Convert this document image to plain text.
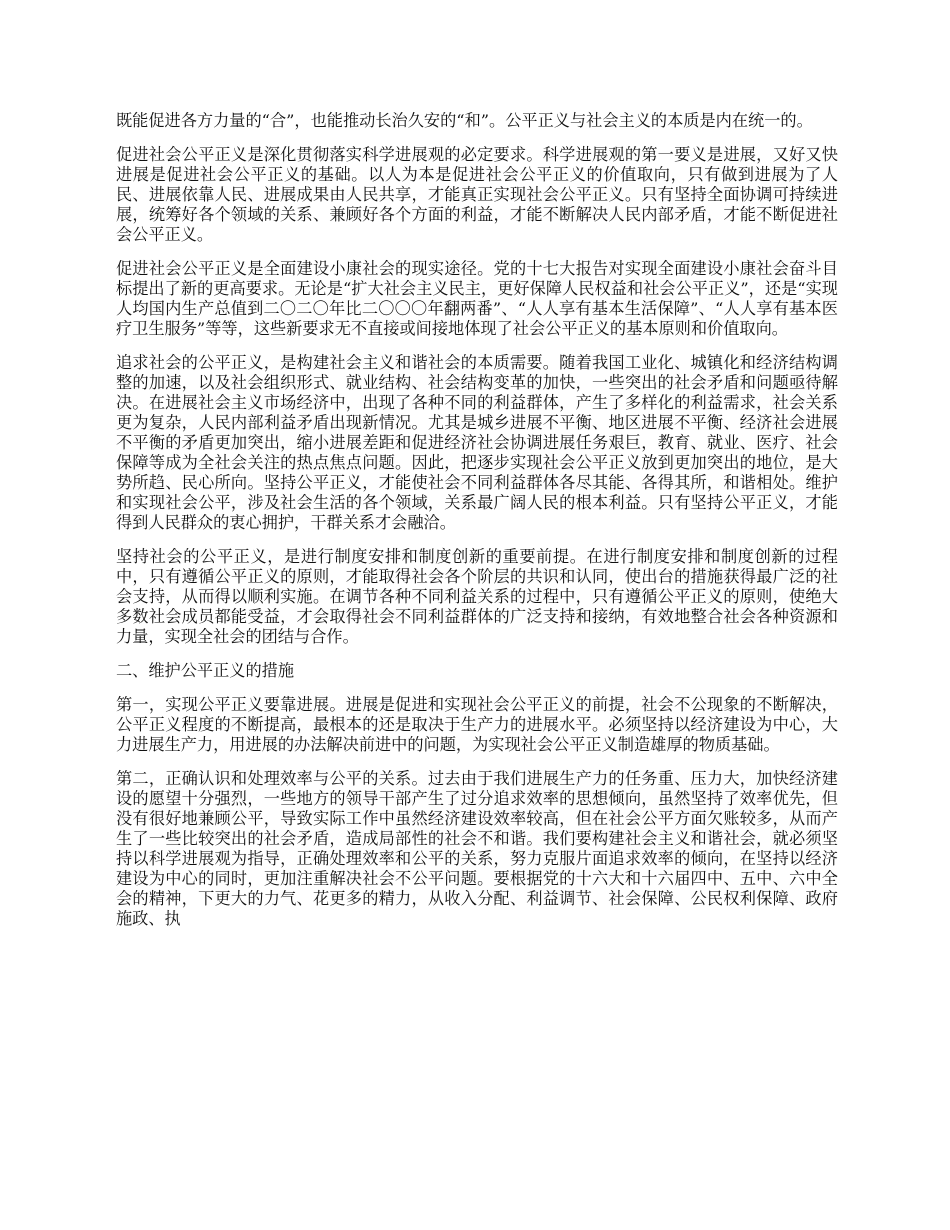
既能促进各方力量的“合”，也能推动长治久安的“和”。公平正义与社会主义的本质是内在统一的。

促进社会公平正义是深化贯彻落实科学进展观的必定要求。科学进展观的第一要义是进展，又好又快进展是促进社会公平正义的基础。以人为本是促进社会公平正义的价值取向，只有做到进展为了人民、进展依靠人民、进展成果由人民共享，才能真正实现社会公平正义。只有坚持全面协调可持续进展，统筹好各个领域的关系、兼顾好各个方面的利益，才能不断解决人民内部矛盾，才能不断促进社会公平正义。

促进社会公平正义是全面建设小康社会的现实途径。党的十七大报告对实现全面建设小康社会奋斗目标提出了新的更高要求。无论是“扩大社会主义民主，更好保障人民权益和社会公平正义”，还是“实现人均国内生产总值到二〇二〇年比二〇〇〇年翻两番”、“人人享有基本生活保障”、“人人享有基本医疗卫生服务”等等，这些新要求无不直接或间接地体现了社会公平正义的基本原则和价值取向。

追求社会的公平正义，是构建社会主义和谐社会的本质需要。随着我国工业化、城镇化和经济结构调整的加速，以及社会组织形式、就业结构、社会结构变革的加快，一些突出的社会矛盾和问题亟待解决。在进展社会主义市场经济中，出现了各种不同的利益群体，产生了多样化的利益需求，社会关系更为复杂，人民内部利益矛盾出现新情况。尤其是城乡进展不平衡、地区进展不平衡、经济社会进展不平衡的矛盾更加突出，缩小进展差距和促进经济社会协调进展任务艰巨，教育、就业、医疗、社会保障等成为全社会关注的热点焦点问题。因此，把逐步实现社会公平正义放到更加突出的地位，是大势所趋、民心所向。坚持公平正义，才能使社会不同利益群体各尽其能、各得其所，和谐相处。维护和实现社会公平，涉及社会生活的各个领域，关系最广阔人民的根本利益。只有坚持公平正义，才能得到人民群众的衷心拥护，干群关系才会融洽。

坚持社会的公平正义，是进行制度安排和制度创新的重要前提。在进行制度安排和制度创新的过程中，只有遵循公平正义的原则，才能取得社会各个阶层的共识和认同，使出台的措施获得最广泛的社会支持，从而得以顺利实施。在调节各种不同利益关系的过程中，只有遵循公平正义的原则，使绝大多数社会成员都能受益，才会取得社会不同利益群体的广泛支持和接纳，有效地整合社会各种资源和力量，实现全社会的团结与合作。

二、维护公平正义的措施

第一，实现公平正义要靠进展。进展是促进和实现社会公平正义的前提，社会不公现象的不断解决，公平正义程度的不断提高，最根本的还是取决于生产力的进展水平。必须坚持以经济建设为中心，大力进展生产力，用进展的办法解决前进中的问题，为实现社会公平正义制造雄厚的物质基础。

第二，正确认识和处理效率与公平的关系。过去由于我们进展生产力的任务重、压力大，加快经济建设的愿望十分强烈，一些地方的领导干部产生了过分追求效率的思想倾向，虽然坚持了效率优先，但没有很好地兼顾公平，导致实际工作中虽然经济建设效率较高，但在社会公平方面欠账较多，从而产生了一些比较突出的社会矛盾，造成局部性的社会不和谐。我们要构建社会主义和谐社会，就必须坚持以科学进展观为指导，正确处理效率和公平的关系，努力克服片面追求效率的倾向，在坚持以经济建设为中心的同时，更加注重解决社会不公平问题。要根据党的十六大和十六届四中、五中、六中全会的精神，下更大的力气、花更多的精力，从收入分配、利益调节、社会保障、公民权利保障、政府施政、执
